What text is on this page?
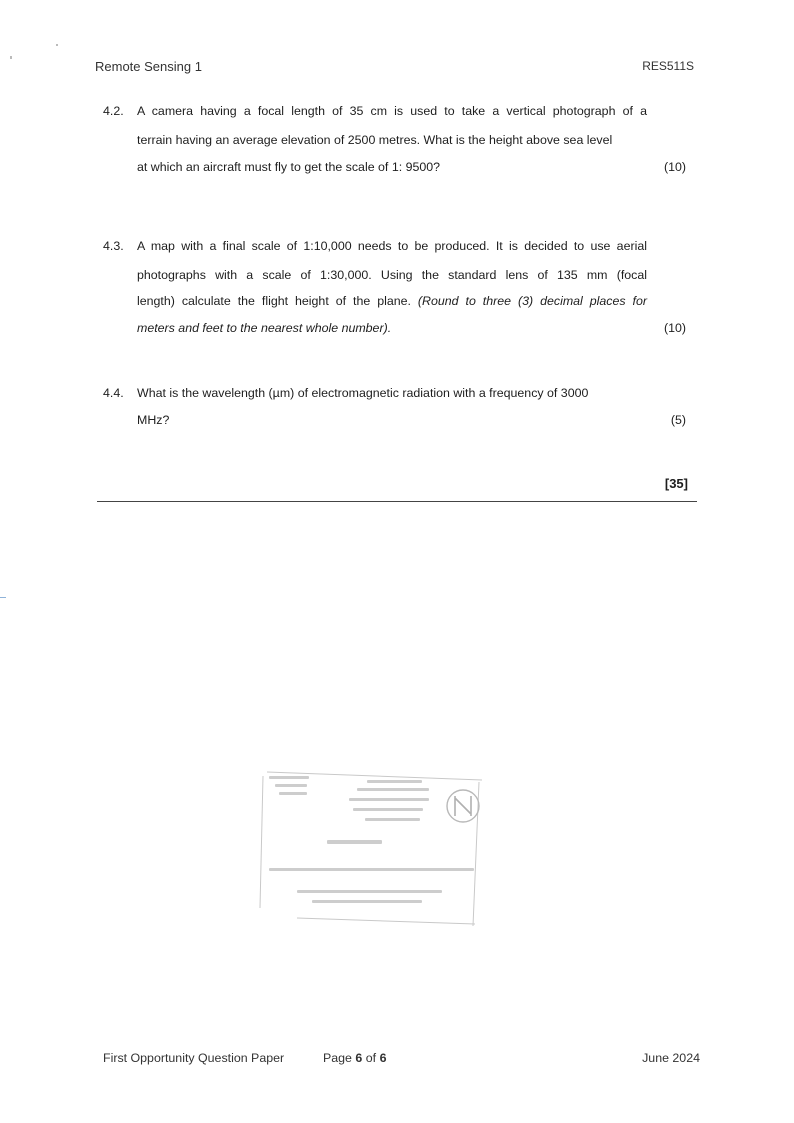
Remote Sensing 1	RES511S
4.2. A camera having a focal length of 35 cm is used to take a vertical photograph of a
terrain having an average elevation of 2500 metres. What is the height above sea level
at which an aircraft must fly to get the scale of 1: 9500?	(10)
4.3. A map with a final scale of 1:10,000 needs to be produced. It is decided to use aerial
photographs with a scale of 1:30,000. Using the standard lens of 135 mm (focal
length) calculate the flight height of the plane. (Round to three (3) decimal places for
meters and feet to the nearest whole number).	(10)
4.4. What is the wavelength (µm) of electromagnetic radiation with a frequency of 3000
MHz?	(5)
[35]
First Opportunity Question Paper	Page 6 of 6	June 2024
